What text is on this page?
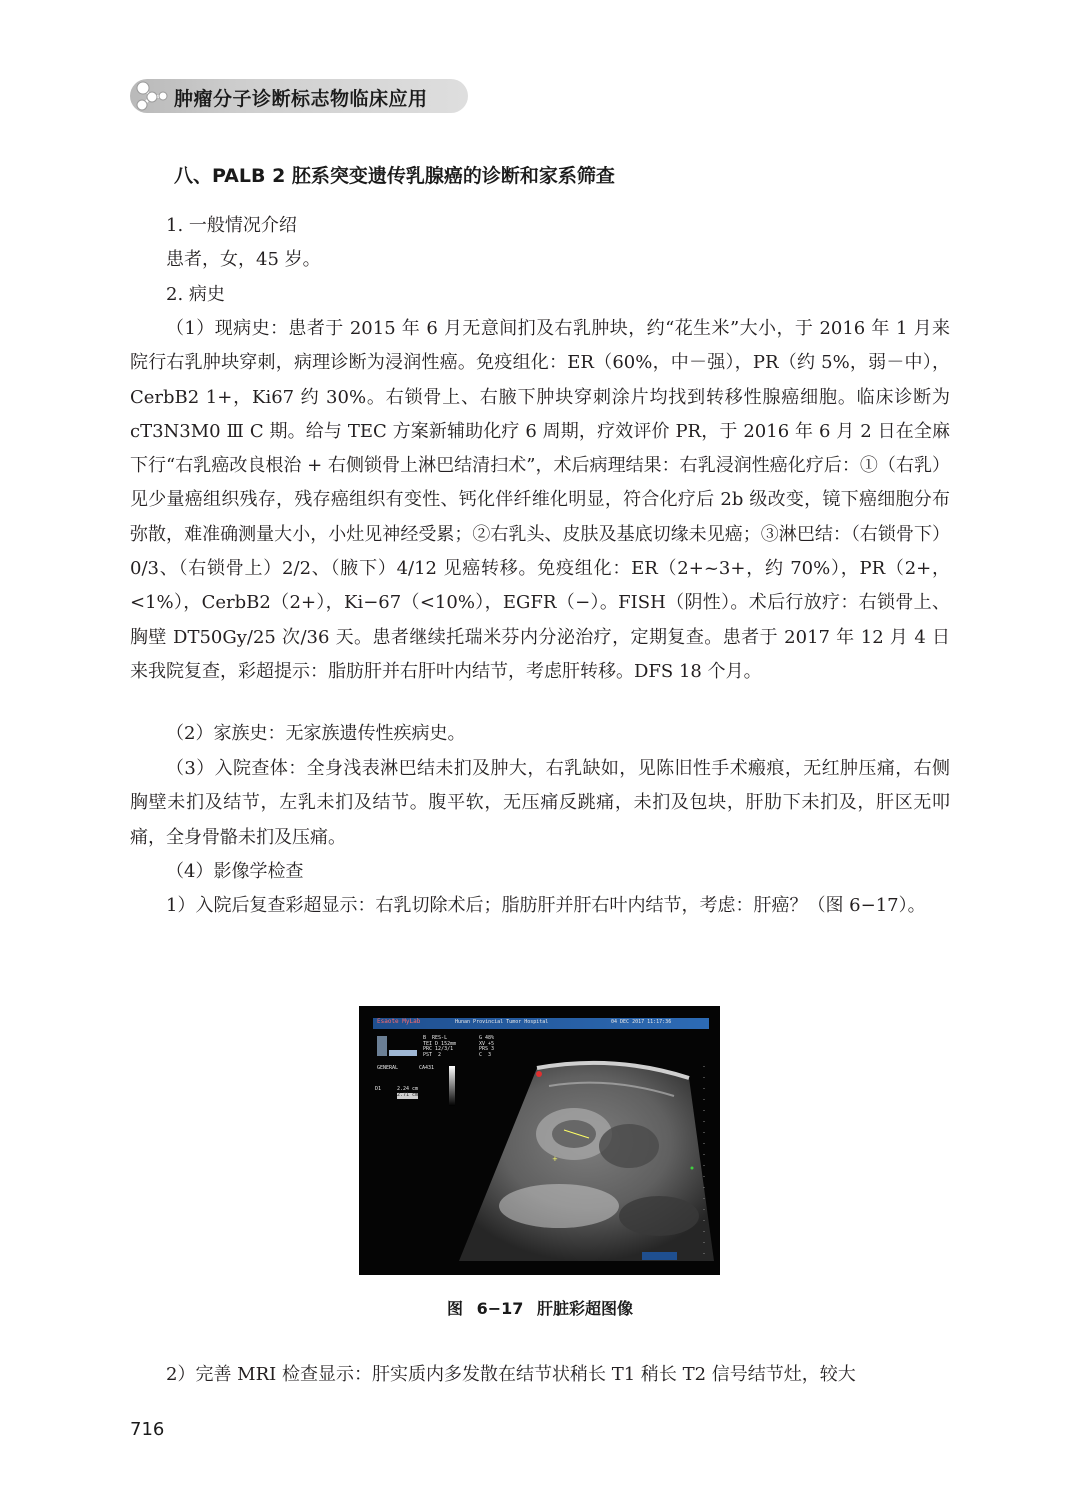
肿瘤分子诊断标志物临床应用
八、PALB 2 胚系突变遗传乳腺癌的诊断和家系筛查
1. 一般情况介绍
患者，女，45 岁。
2. 病史
（1）现病史：患者于 2015 年 6 月无意间扪及右乳肿块，约“花生米”大小，于 2016 年 1 月来院行右乳肿块穿刺，病理诊断为浸润性癌。免疫组化：ER（60%，中－强），PR（约 5%，弱－中），CerbB2 1+，Ki67 约 30%。右锁骨上、右腋下肿块穿刺涂片均找到转移性腺癌细胞。临床诊断为 cT3N3M0 Ⅲ C 期。给与 TEC 方案新辅助化疗 6 周期，疗效评价 PR，于 2016 年 6 月 2 日在全麻下行“右乳癌改良根治 + 右侧锁骨上淋巴结清扫术”，术后病理结果：右乳浸润性癌化疗后：①（右乳）见少量癌组织残存，残存癌组织有变性、钙化伴纤维化明显，符合化疗后 2b 级改变，镜下癌细胞分布弥散，难准确测量大小，小灶见神经受累；②右乳头、皮肤及基底切缘未见癌；③淋巴结：（右锁骨下）0/3、（右锁骨上）2/2、（腋下）4/12 见癌转移。免疫组化：ER（2+~3+，约 70%），PR（2+，<1%），CerbB2（2+），Ki−67（<10%），EGFR（−）。FISH（阴性）。术后行放疗：右锁骨上、胸壁 DT50Gy/25 次/36 天。患者继续托瑞米芬内分泌治疗，定期复查。患者于 2017 年 12 月 4 日来我院复查，彩超提示：脂肪肝并右肝叶内结节，考虑肝转移。DFS 18 个月。
（2）家族史：无家族遗传性疾病史。
（3）入院查体：全身浅表淋巴结未扪及肿大，右乳缺如，见陈旧性手术瘢痕，无红肿压痛，右侧胸壁未扪及结节，左乳未扪及结节。腹平软，无压痛反跳痛，未扪及包块，肝肋下未扪及，肝区无叩痛，全身骨骼未扪及压痛。
（4）影像学检查
1）入院后复查彩超显示：右乳切除术后；脂肪肝并肝右叶内结节，考虑：肝癌？（图 6−17）。
+
Esaote MyLab	Hunan Provincial Tumor Hospital	04 DEC 2017 11:17:36
B  RES-L
TEI D 152mm
PRC 12/3/1
PST  2
G 48%
XV +5
PRS 3
C  3
GENERAL	CA431
D1	2.24 cm
2.71 cm
图 6−17 肝脏彩超图像
2）完善 MRI 检查显示：肝实质内多发散在结节状稍长 T1 稍长 T2 信号结节灶，较大
716
